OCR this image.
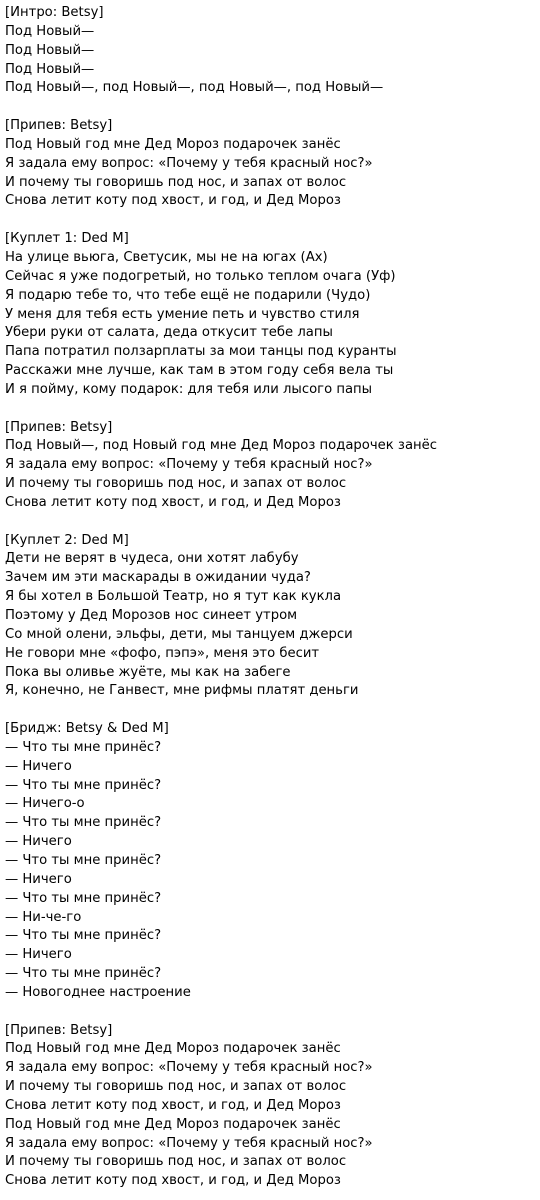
[Интро: Betsy]
Под Новый—
Под Новый—
Под Новый—
Под Новый—, под Новый—, под Новый—, под Новый—
[Припев: Betsy]
Под Новый год мне Дед Мороз подарочек занёс
Я задала ему вопрос: «Почему у тебя красный нос?»
И почему ты говоришь под нос, и запах от волос
Снова летит коту под хвост, и год, и Дед Мороз
[Куплет 1: Ded M]
На улице вьюга, Светусик, мы не на югах (Ах)
Сейчас я уже подогретый, но только теплом очага (Уф)
Я подарю тебе то, что тебе ещё не подарили (Чудо)
У меня для тебя есть умение петь и чувство стиля
Убери руки от салата, деда откусит тебе лапы
Папа потратил ползарплаты за мои танцы под куранты
Расскажи мне лучше, как там в этом году себя вела ты
И я пойму, кому подарок: для тебя или лысого папы
[Припев: Betsy]
Под Новый—, под Новый год мне Дед Мороз подарочек занёс
Я задала ему вопрос: «Почему у тебя красный нос?»
И почему ты говоришь под нос, и запах от волос
Снова летит коту под хвост, и год, и Дед Мороз
[Куплет 2: Ded M]
Дети не верят в чудеса, они хотят лабубу
Зачем им эти маскарады в ожидании чуда?
Я бы хотел в Большой Театр, но я тут как кукла
Поэтому у Дед Морозов нос синеет утром
Со мной олени, эльфы, дети, мы танцуем джерси
Не говори мне «фофо, пэпэ», меня это бесит
Пока вы оливье жуёте, мы как на забеге
Я, конечно, не Ганвест, мне рифмы платят деньги
[Бридж: Betsy & Ded M]
— Что ты мне принёс?
— Ничего
— Что ты мне принёс?
— Ничего-о
— Что ты мне принёс?
— Ничего
— Что ты мне принёс?
— Ничего
— Что ты мне принёс?
— Ни-че-го
— Что ты мне принёс?
— Ничего
— Что ты мне принёс?
— Новогоднее настроение
[Припев: Betsy]
Под Новый год мне Дед Мороз подарочек занёс
Я задала ему вопрос: «Почему у тебя красный нос?»
И почему ты говоришь под нос, и запах от волос
Снова летит коту под хвост, и год, и Дед Мороз
Под Новый год мне Дед Мороз подарочек занёс
Я задала ему вопрос: «Почему у тебя красный нос?»
И почему ты говоришь под нос, и запах от волос
Снова летит коту под хвост, и год, и Дед Мороз
